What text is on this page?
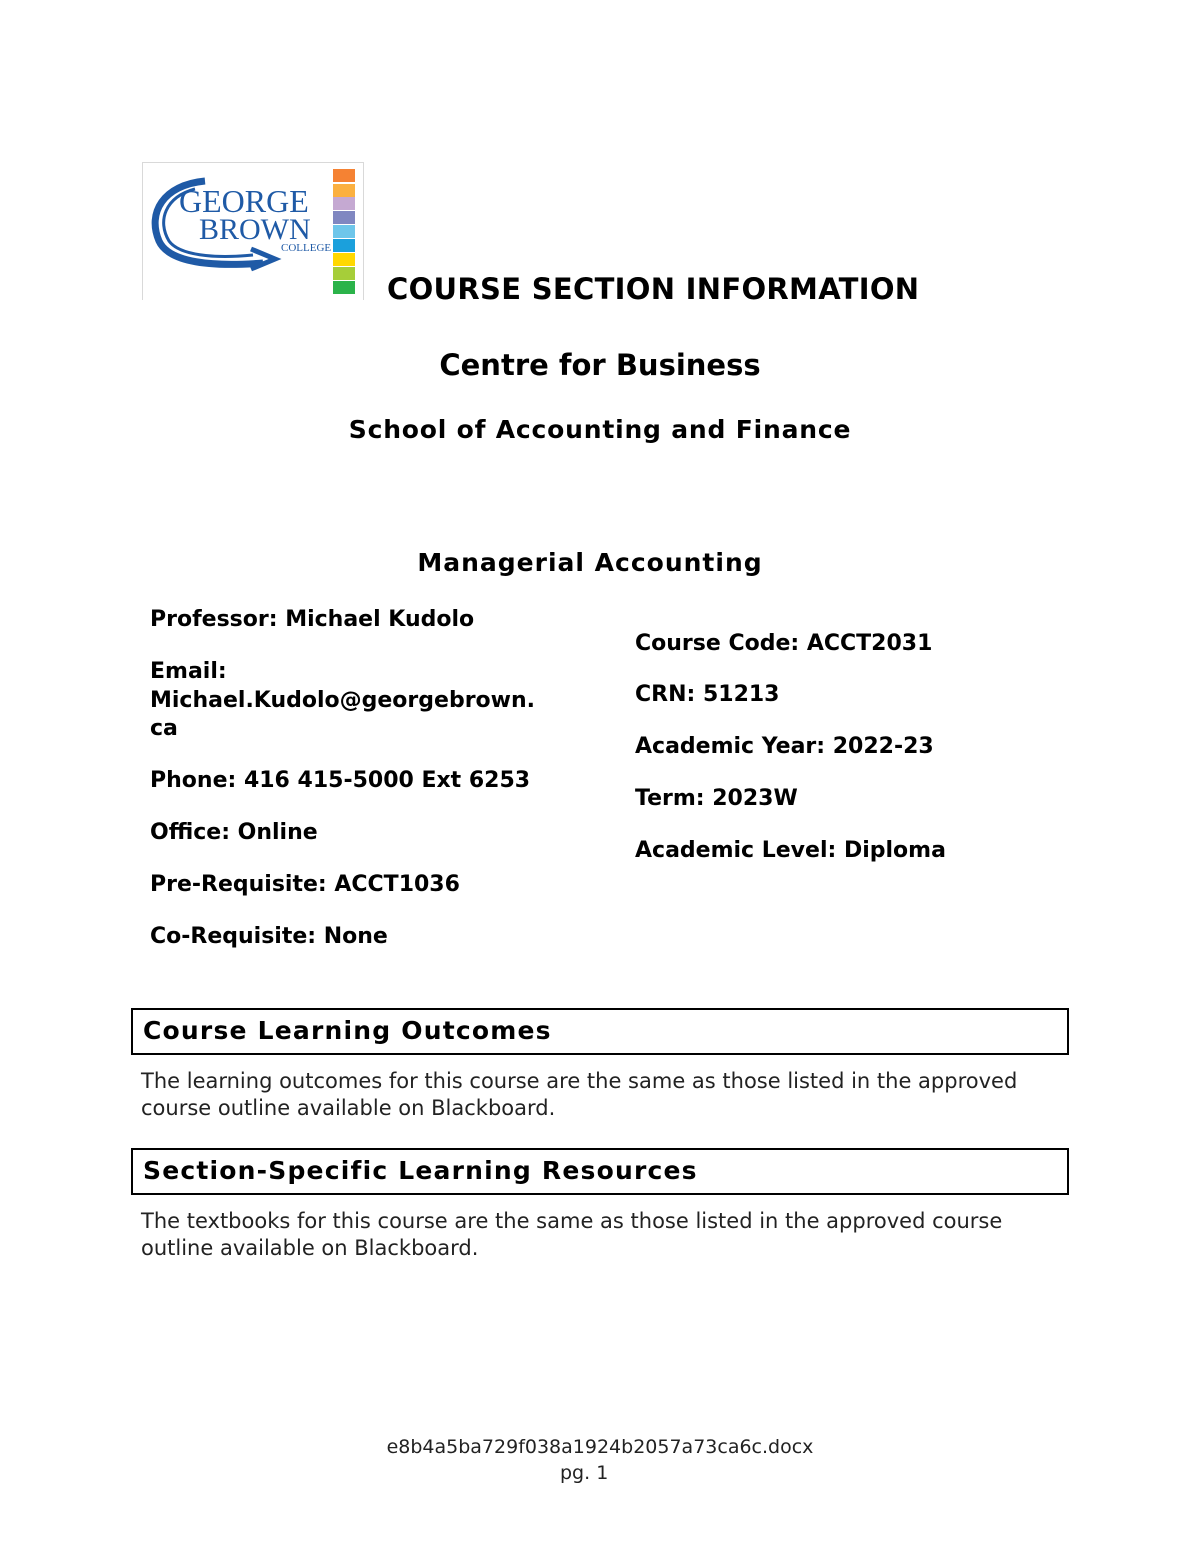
GEORGE
BROWN
COLLEGE
COURSE SECTION INFORMATION
Centre for Business
School of Accounting and Finance
Managerial Accounting
Professor: Michael Kudolo
Email:
Michael.Kudolo@georgebrown.
ca
Phone: 416 415-5000 Ext 6253
Office: Online
Pre-Requisite: ACCT1036
Co-Requisite: None
Course Code: ACCT2031
CRN: 51213
Academic Year: 2022-23
Term: 2023W
Academic Level: Diploma
Course Learning Outcomes
The learning outcomes for this course are the same as those listed in the approved
course outline available on Blackboard.
Section-Specific Learning Resources
The textbooks for this course are the same as those listed in the approved course
outline available on Blackboard.
e8b4a5ba729f038a1924b2057a73ca6c.docx
pg. 1
